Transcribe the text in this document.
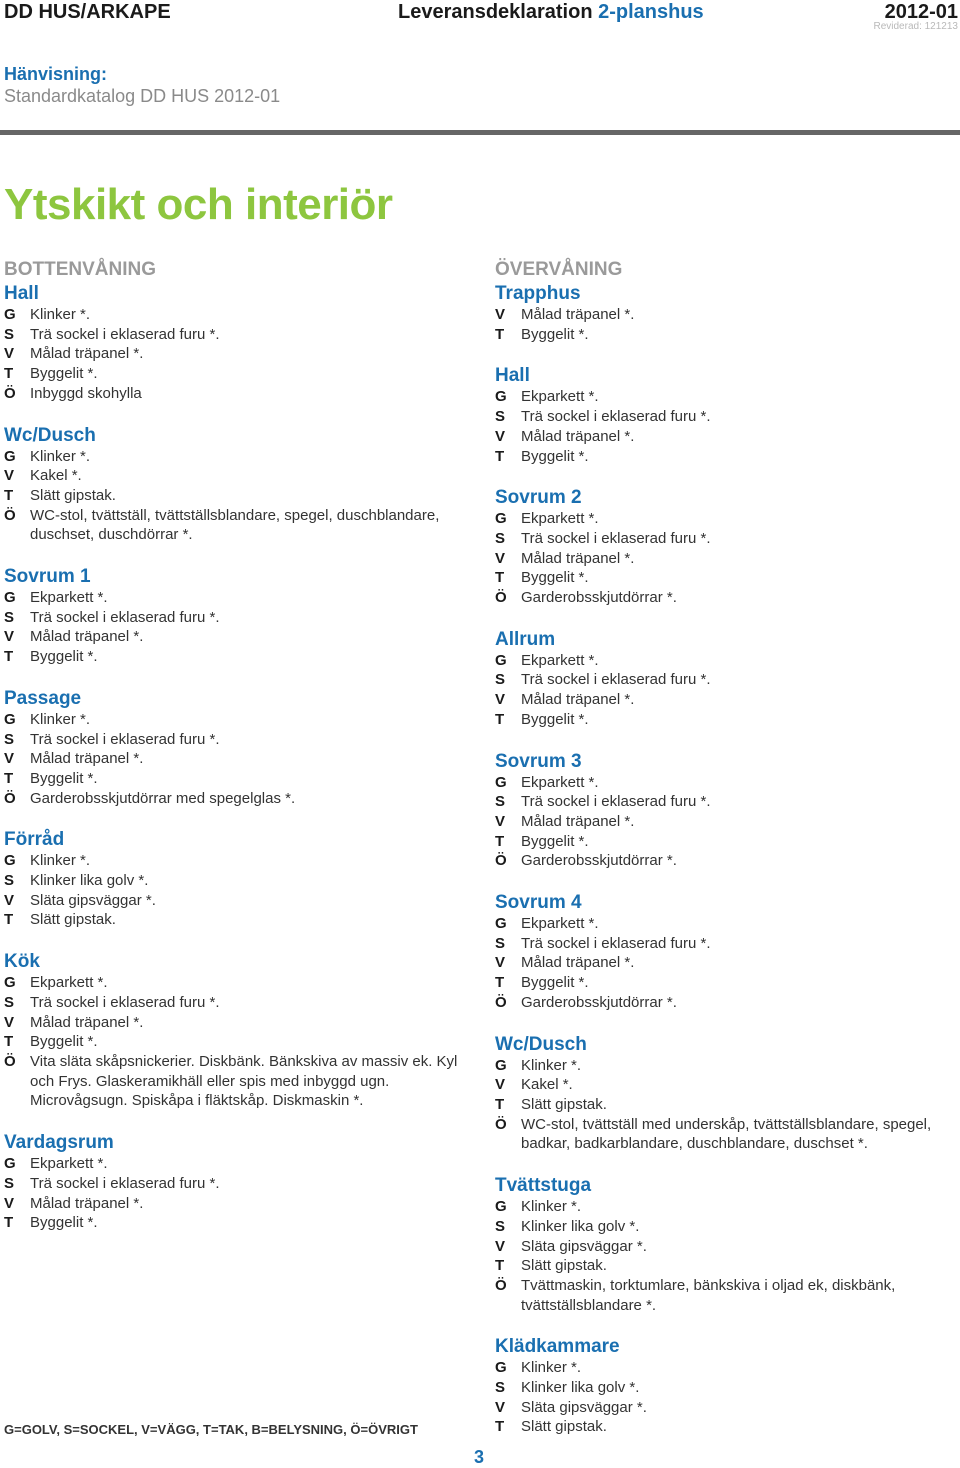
DD HUS/ARKAPE	Leveransdeklaration 2-planshus	2012-01
Reviderad: 121213
Hänvisning:
Standardkatalog DD HUS 2012-01
Ytskikt och interiör
BOTTENVÅNING
Hall
G Klinker *.
S	Trä sockel i eklaserad furu *.
V	Målad träpanel *.
T	Byggelit *.
Ö Inbyggd skohylla
Wc/Dusch
G Klinker *.
V	Kakel *.
T	Slätt gipstak.
Ö WC-stol, tvättställ, tvättställsblandare, spegel, duschblandare, duschset, duschdörrar *.
Sovrum 1
G Ekparkett *.
S	Trä sockel i eklaserad furu *.
V	Målad träpanel *.
T	Byggelit *.
Passage
G Klinker *.
S	Trä sockel i eklaserad furu *.
V	Målad träpanel *.
T	Byggelit *.
Ö Garderobsskjutdörrar med spegelglas *.
Förråd
G Klinker *.
S	Klinker lika golv *.
V	Släta gipsväggar *.
T	Slätt gipstak.
Kök
G Ekparkett *.
S	Trä sockel i eklaserad furu *.
V	Målad träpanel *.
T	Byggelit *.
Ö Vita släta skåpsnickerier. Diskbänk. Bänkskiva av massiv ek. Kyl och Frys. Glaskeramikhäll eller spis med inbyggd ugn. Microvågsugn. Spiskåpa i fläktskåp. Diskmaskin *.
Vardagsrum
G Ekparkett *.
S	Trä sockel i eklaserad furu *.
V	Målad träpanel *.
T	Byggelit *.
ÖVERVÅNING
Trapphus
V	Målad träpanel *.
T	Byggelit *.
Hall
G Ekparkett *.
S	Trä sockel i eklaserad furu *.
V	Målad träpanel *.
T	Byggelit *.
Sovrum 2
G Ekparkett *.
S	Trä sockel i eklaserad furu *.
V	Målad träpanel *.
T	Byggelit *.
Ö Garderobsskjutdörrar *.
Allrum
G Ekparkett *.
S	Trä sockel i eklaserad furu *.
V	Målad träpanel *.
T	Byggelit *.
Sovrum 3
G Ekparkett *.
S	Trä sockel i eklaserad furu *.
V	Målad träpanel *.
T	Byggelit *.
Ö Garderobsskjutdörrar *.
Sovrum 4
G Ekparkett *.
S	Trä sockel i eklaserad furu *.
V	Målad träpanel *.
T	Byggelit *.
Ö Garderobsskjutdörrar *.
Wc/Dusch
G Klinker *.
V	Kakel *.
T	Slätt gipstak.
Ö WC-stol, tvättställ med underskåp, tvättställsblandare, spegel, badkar, badkarblandare, duschblandare, duschset *.
Tvättstuga
G Klinker *.
S	Klinker lika golv *.
V	Släta gipsväggar *.
T	Slätt gipstak.
Ö Tvättmaskin, torktumlare, bänkskiva i oljad ek, diskbänk, tvättställsblandare *.
Klädkammare
G Klinker *.
S	Klinker lika golv *.
V	Släta gipsväggar *.
T	Slätt gipstak.
G=GOLV, S=SOCKEL, V=VÄGG, T=TAK, B=BELYSNING, Ö=ÖVRIGT
3
